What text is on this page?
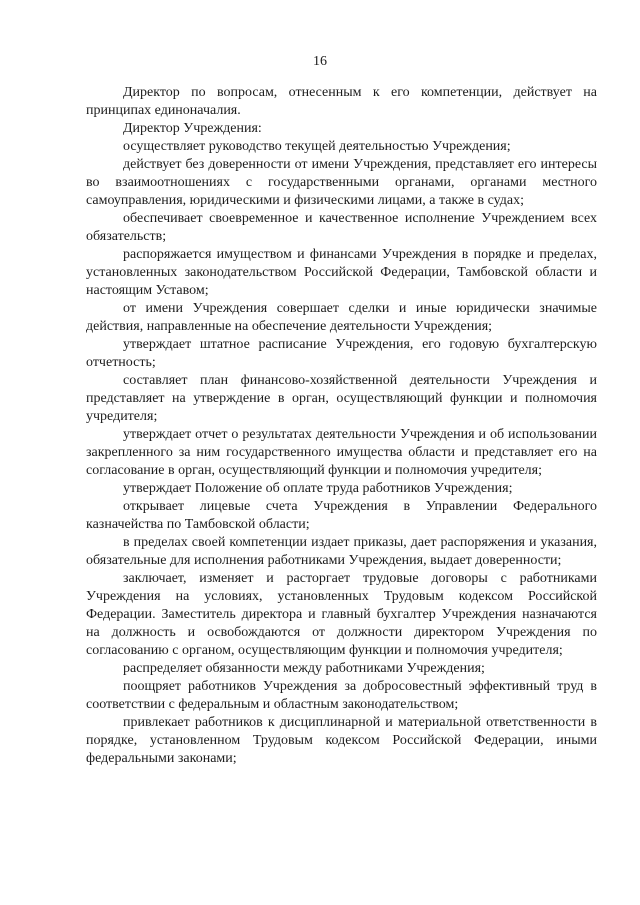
16

Директор по вопросам, отнесенным к его компетенции, действует на принципах единоначалия.

Директор Учреждения:

осуществляет руководство текущей деятельностью Учреждения;

действует без доверенности от имени Учреждения, представляет его интересы во взаимоотношениях с государственными органами, органами местного самоуправления, юридическими и физическими лицами, а также в судах;

обеспечивает своевременное и качественное исполнение Учреждением всех обязательств;

распоряжается имуществом и финансами Учреждения в порядке и пределах, установленных законодательством Российской Федерации, Тамбовской области и настоящим Уставом;

от имени Учреждения совершает сделки и иные юридически значимые действия, направленные на обеспечение деятельности Учреждения;

утверждает штатное расписание Учреждения, его годовую бухгалтерскую отчетность;

составляет план финансово-хозяйственной деятельности Учреждения и представляет на утверждение в орган, осуществляющий функции и полномочия учредителя;

утверждает отчет о результатах деятельности Учреждения и об использовании закрепленного за ним государственного имущества области и представляет его на согласование в орган, осуществляющий функции и полномочия учредителя;

утверждает Положение об оплате труда работников Учреждения;

открывает лицевые счета Учреждения в Управлении Федерального казначейства по Тамбовской области;

в пределах своей компетенции издает приказы, дает распоряжения и указания, обязательные для исполнения работниками Учреждения, выдает доверенности;

заключает, изменяет и расторгает трудовые договоры с работниками Учреждения на условиях, установленных Трудовым кодексом Российской Федерации. Заместитель директора и главный бухгалтер Учреждения назначаются на должность и освобождаются от должности директором Учреждения по согласованию с органом, осуществляющим функции и полномочия учредителя;

распределяет обязанности между работниками Учреждения;

поощряет работников Учреждения за добросовестный эффективный труд в соответствии с федеральным и областным законодательством;

привлекает работников к дисциплинарной и материальной ответственности в порядке, установленном Трудовым кодексом Российской Федерации, иными федеральными законами;
